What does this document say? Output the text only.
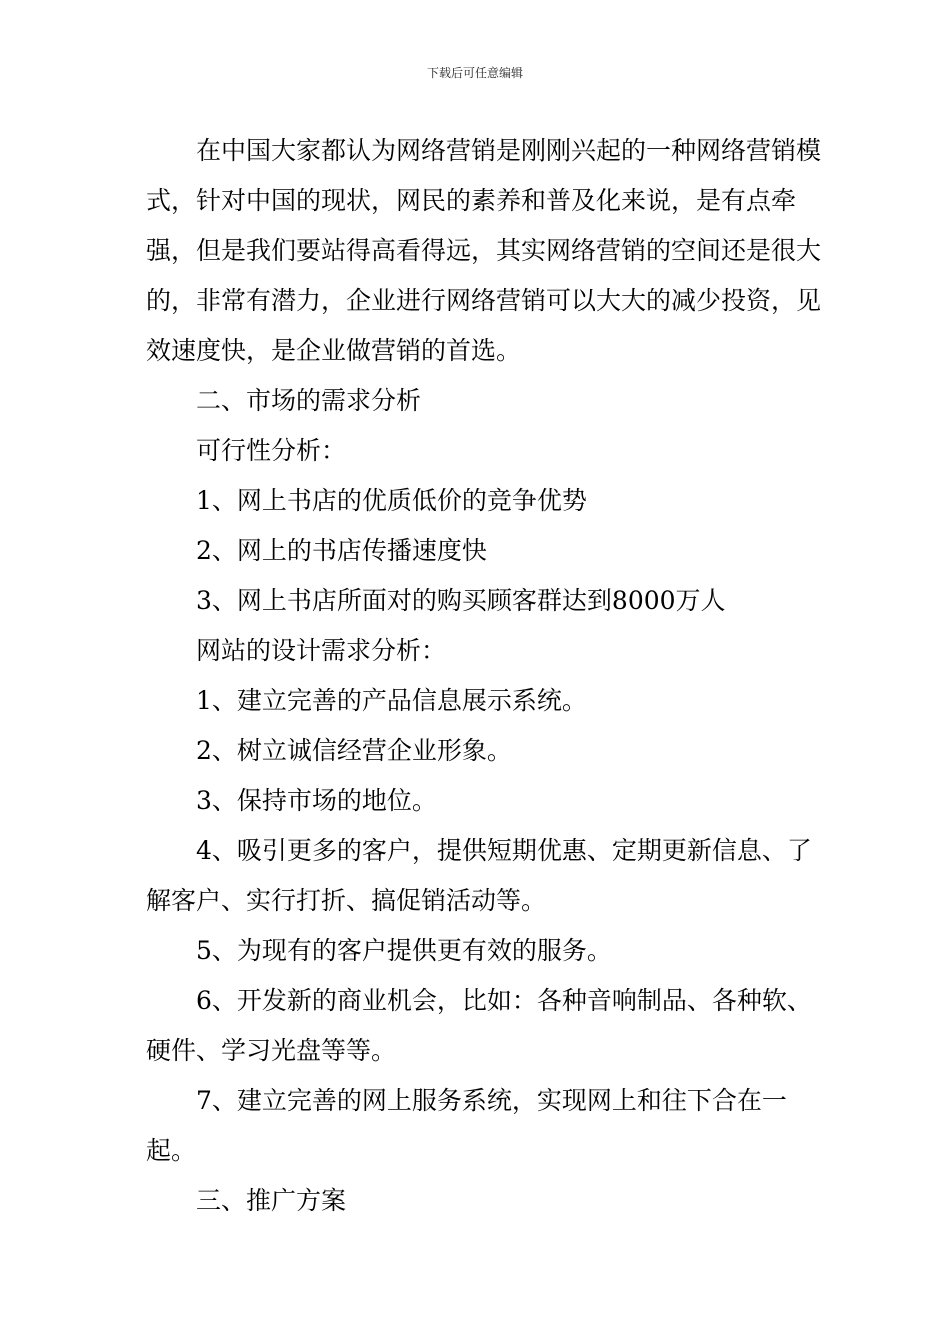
下载后可任意编辑

在中国大家都认为网络营销是刚刚兴起的一种网络营销模式，针对中国的现状，网民的素养和普及化来说，是有点牵强，但是我们要站得高看得远，其实网络营销的空间还是很大的，非常有潜力，企业进行网络营销可以大大的减少投资，见效速度快，是企业做营销的首选。

二、市场的需求分析

可行性分析：

1、网上书店的优质低价的竞争优势

2、网上的书店传播速度快

3、网上书店所面对的购买顾客群达到8000万人

网站的设计需求分析：

1、建立完善的产品信息展示系统。

2、树立诚信经营企业形象。

3、保持市场的地位。

4、吸引更多的客户，提供短期优惠、定期更新信息、了解客户、实行打折、搞促销活动等。

5、为现有的客户提供更有效的服务。

6、开发新的商业机会，比如：各种音响制品、各种软、硬件、学习光盘等等。

7、建立完善的网上服务系统，实现网上和往下合在一起。

三、推广方案
